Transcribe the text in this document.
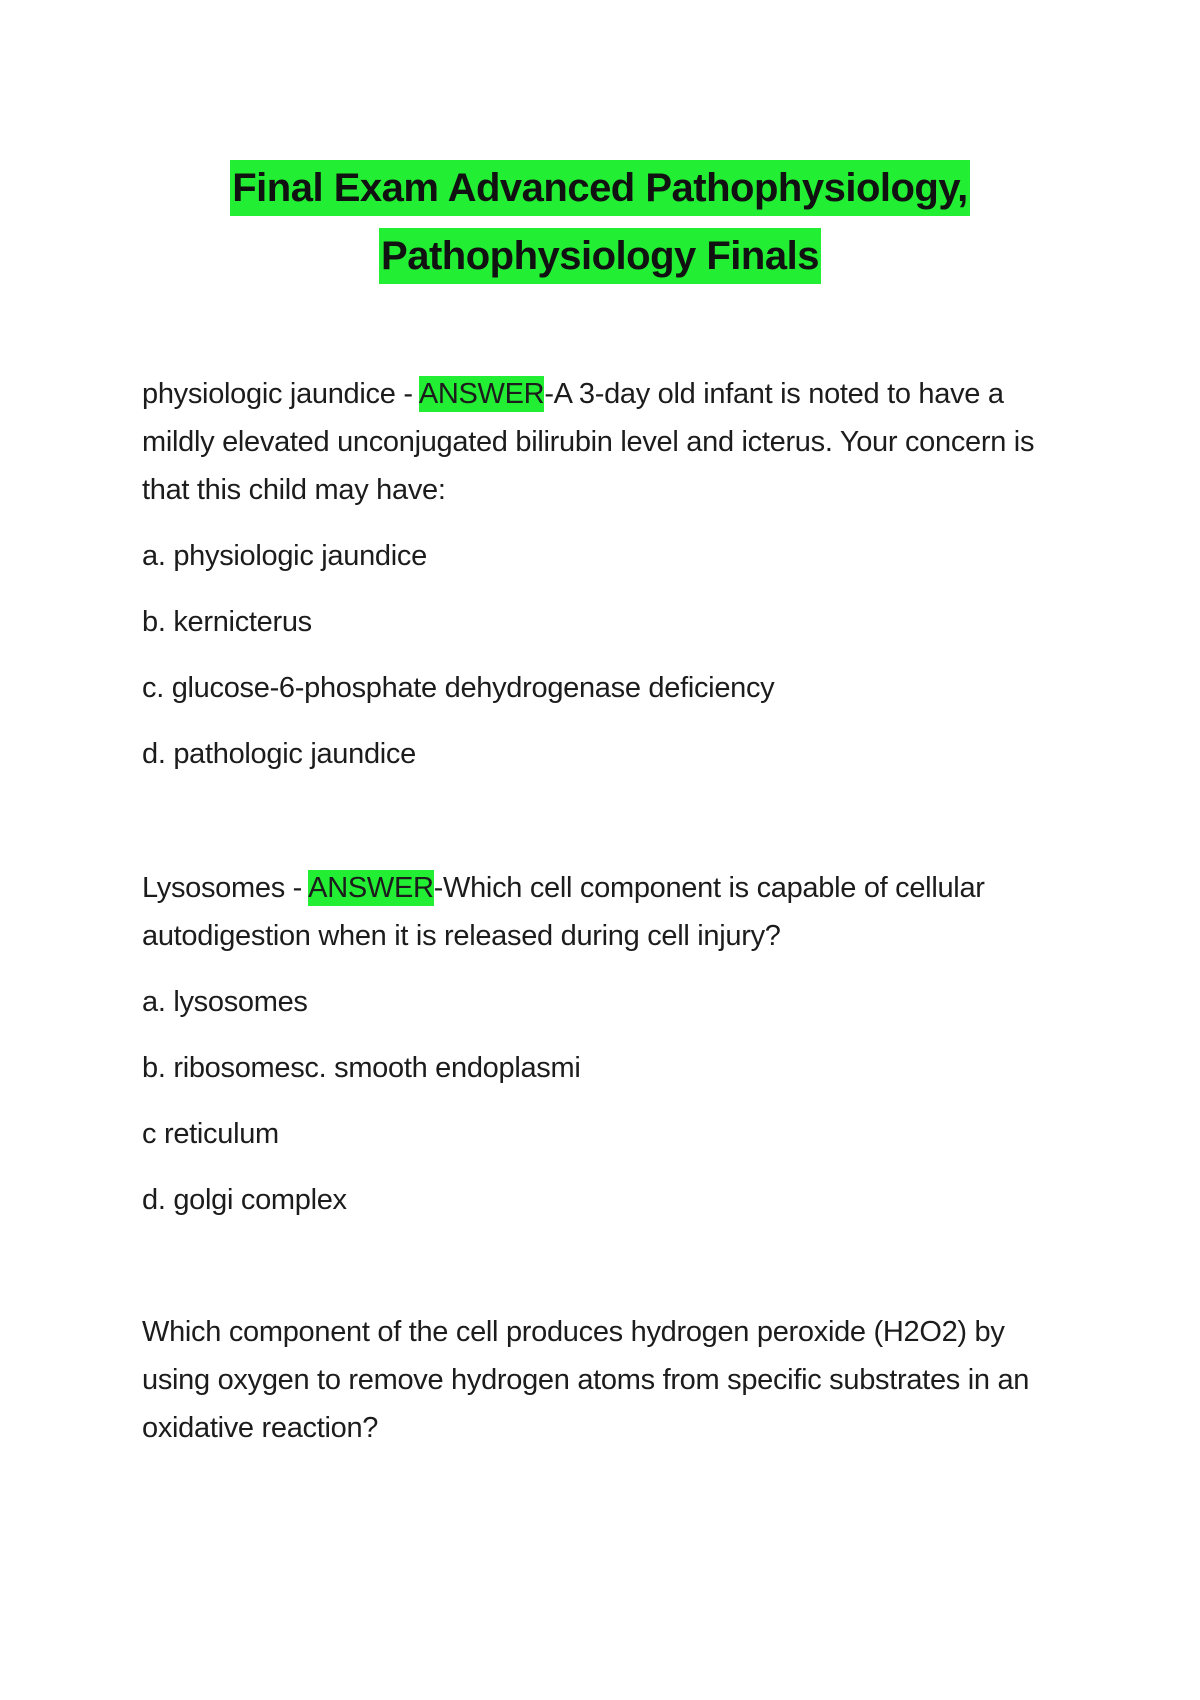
Final Exam Advanced Pathophysiology,
Pathophysiology Finals

physiologic jaundice - ANSWER-A 3-day old infant is noted to have a mildly elevated unconjugated bilirubin level and icterus. Your concern is that this child may have:

a. physiologic jaundice
b. kernicterus
c. glucose-6-phosphate dehydrogenase deficiency
d. pathologic jaundice

Lysosomes - ANSWER-Which cell component is capable of cellular autodigestion when it is released during cell injury?

a. lysosomes
b. ribosomesc. smooth endoplasmi
c reticulum
d. golgi complex

Which component of the cell produces hydrogen peroxide (H2O2) by using oxygen to remove hydrogen atoms from specific substrates in an oxidative reaction?
